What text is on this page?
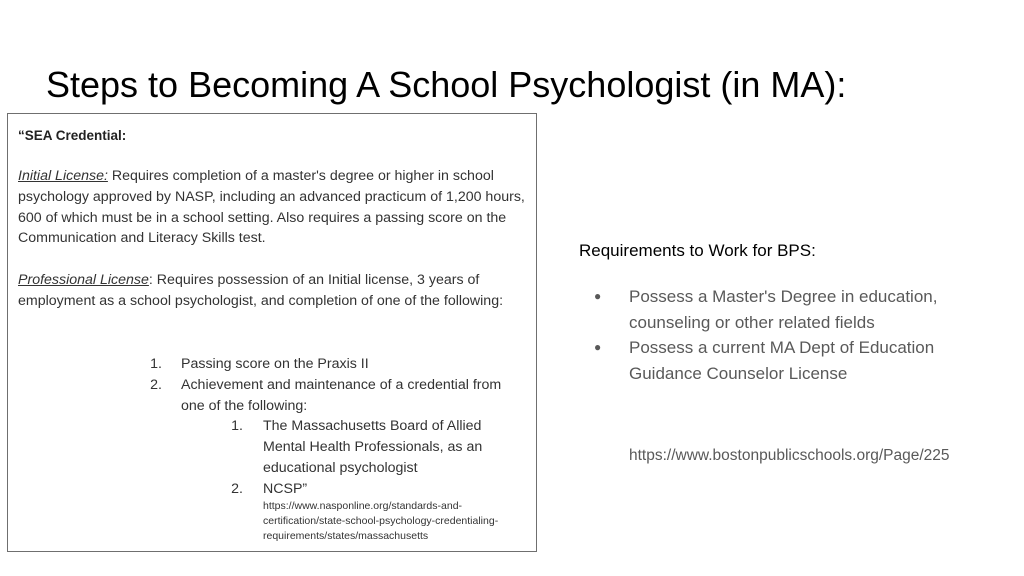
Steps to Becoming A School Psychologist (in MA):
“SEA Credential:
Initial License: Requires completion of a master's degree or higher in school psychology approved by NASP, including an advanced practicum of 1,200 hours, 600 of which must be in a school setting. Also requires a passing score on the Communication and Literacy Skills test.
Professional License: Requires possession of an Initial license, 3 years of employment as a school psychologist, and completion of one of the following:
1. Passing score on the Praxis II
2. Achievement and maintenance of a credential from
one of the following:
1. The Massachusetts Board of Allied
Mental Health Professionals, as an
educational psychologist
2. NCSP”
https://www.nasponline.org/standards-and-
certification/state-school-psychology-credentialing-
requirements/states/massachusetts
Requirements to Work for BPS:
● Possess a Master's Degree in education,
counseling or other related fields
● Possess a current MA Dept of Education
Guidance Counselor License
https://www.bostonpublicschools.org/Page/225
